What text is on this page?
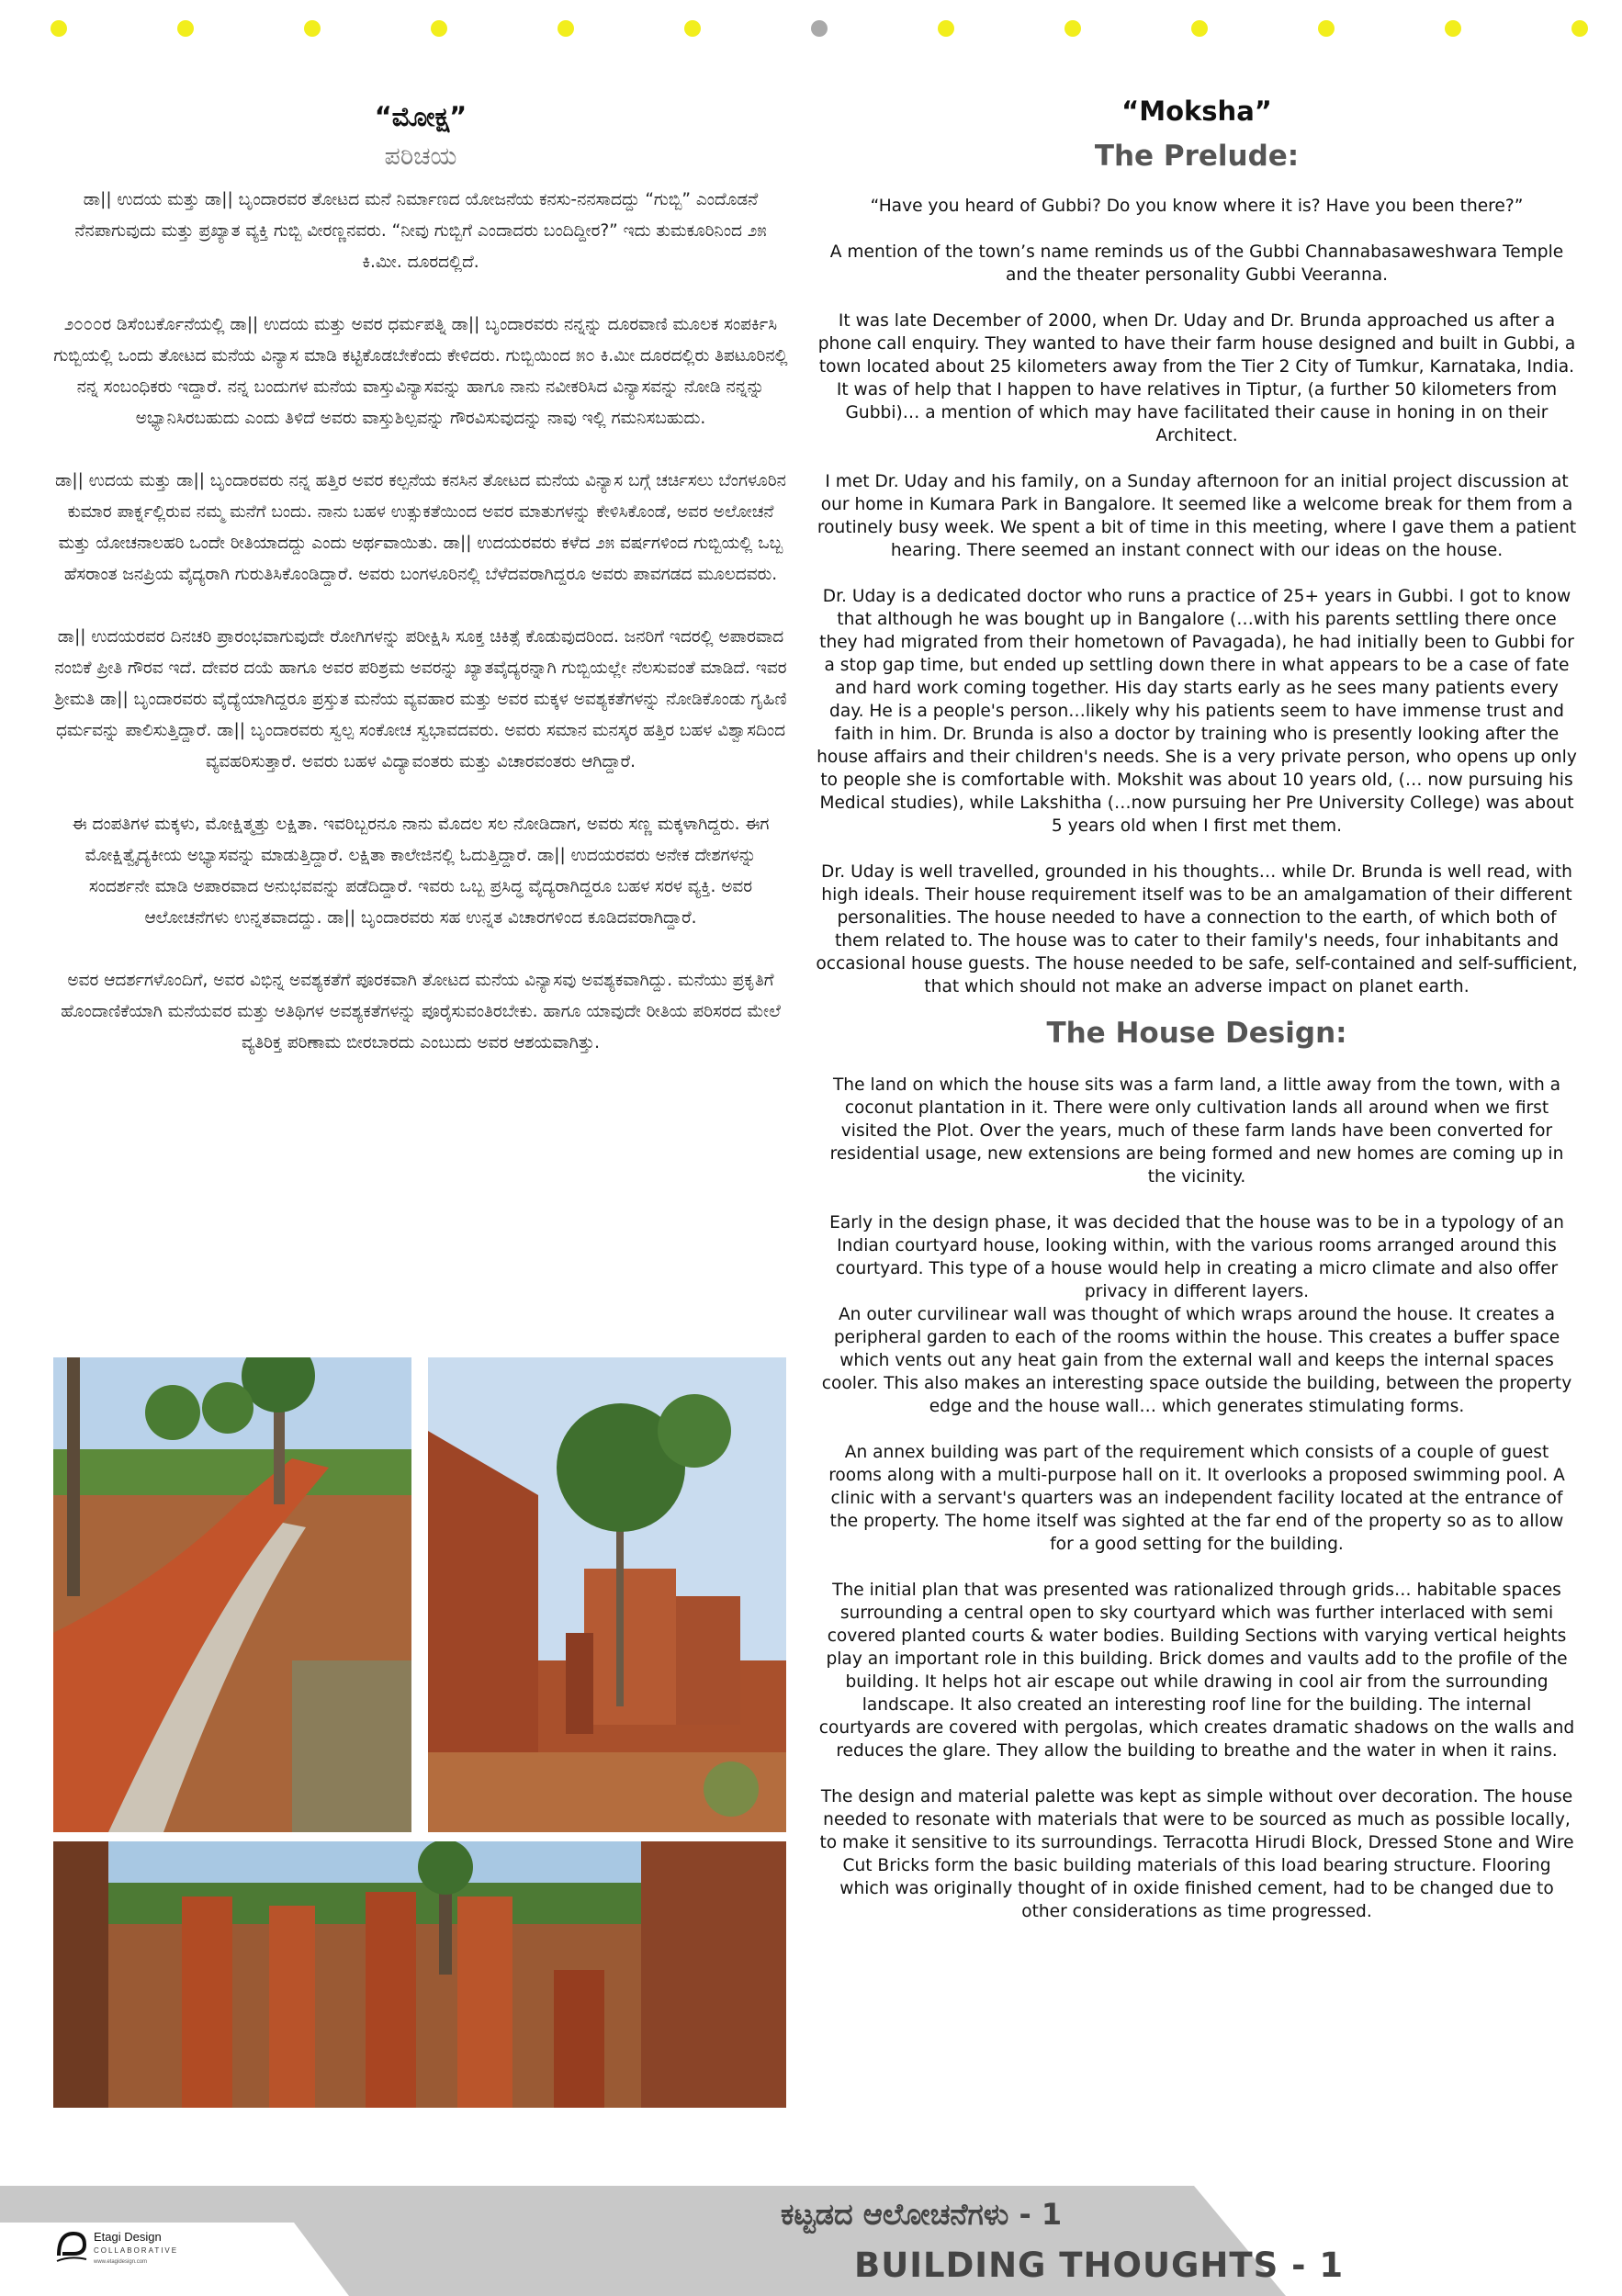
“ಮೋಕ್ಷ”
ಪರಿಚಯ

ಡಾ|| ಉದಯ ಮತ್ತು ಡಾ|| ಬೃಂದಾರವರ ತೋಟದ ಮನೆ ನಿರ್ಮಾಣದ ಯೋಜನೆಯ ಕನಸು-ನನಸಾದದ್ದು “ಗುಬ್ಬಿ” ಎಂದೊಡನೆ ನೆನಪಾಗುವುದು ಮತ್ತು ಪ್ರಖ್ಯಾತ ವ್ಯಕ್ತಿ ಗುಬ್ಬಿ ವೀರಣ್ಣನವರು. “ನೀವು ಗುಬ್ಬಿಗೆ ಎಂದಾದರು ಬಂದಿದ್ದೀರ?” ಇದು ತುಮಕೂರಿನಿಂದ ೨೫ ಕಿ.ಮೀ. ದೂರದಲ್ಲಿದೆ.

೨೦೦೦ರ ಡಿಸೆಂಬರ್ಕೊನೆಯಲ್ಲಿ ಡಾ|| ಉದಯ ಮತ್ತು ಅವರ ಧರ್ಮಪತ್ನಿ ಡಾ|| ಬೃಂದಾರವರು ನನ್ನನ್ನು ದೂರವಾಣಿ ಮೂಲಕ ಸಂಪರ್ಕಿಸಿ ಗುಬ್ಬಿಯಲ್ಲಿ ಒಂದು ತೋಟದ ಮನೆಯ ವಿನ್ಯಾಸ ಮಾಡಿ ಕಟ್ಟಿಕೊಡಬೇಕೆಂದು ಕೇಳಿದರು. ಗುಬ್ಬಿಯಿಂದ ೫೦ ಕಿ.ಮೀ ದೂರದಲ್ಲಿರು ತಿಪಟೂರಿನಲ್ಲಿ ನನ್ನ ಸಂಬಂಧಿಕರು ಇದ್ದಾರೆ. ನನ್ನ ಬಂದುಗಳ ಮನೆಯ ವಾಸ್ತುವಿನ್ಯಾಸವನ್ನು ಹಾಗೂ ನಾನು ನವೀಕರಿಸಿದ ವಿನ್ಯಾಸವನ್ನು ನೋಡಿ ನನ್ನನ್ನು ಅಭ್ಯಾನಿಸಿರಬಹುದು ಎಂದು ತಿಳಿದೆ ಅವರು ವಾಸ್ತುಶಿಲ್ಪವನ್ನು ಗೌರವಿಸುವುದನ್ನು ನಾವು ಇಲ್ಲಿ ಗಮನಿಸಬಹುದು.

ಡಾ|| ಉದಯ ಮತ್ತು ಡಾ|| ಬೃಂದಾರವರು ನನ್ನ ಹತ್ತಿರ ಅವರ ಕಲ್ಪನೆಯ ಕನಸಿನ ತೋಟದ ಮನೆಯ ವಿನ್ಯಾಸ ಬಗ್ಗೆ ಚರ್ಚಿಸಲು ಬೆಂಗಳೂರಿನ ಕುಮಾರ ಪಾರ್ಕ್ನಲ್ಲಿರುವ ನಮ್ಮ ಮನೆಗೆ ಬಂದು. ನಾನು ಬಹಳ ಉತ್ಸುಕತೆಯಿಂದ ಅವರ ಮಾತುಗಳನ್ನು ಕೇಳಿಸಿಕೊಂಡೆ, ಅವರ ಅಲೋಚನೆ ಮತ್ತು ಯೋಚನಾಲಹರಿ ಒಂದೇ ರೀತಿಯಾದದ್ದು ಎಂದು ಅರ್ಥವಾಯಿತು. ಡಾ|| ಉದಯರವರು ಕಳೆದ ೨೫ ವರ್ಷಗಳಿಂದ ಗುಬ್ಬಿಯಲ್ಲಿ ಒಬ್ಬ ಹೆಸರಾಂತ ಜನಪ್ರಿಯ ವೈದ್ಯರಾಗಿ ಗುರುತಿಸಿಕೊಂಡಿದ್ದಾರೆ. ಅವರು ಬಂಗಳೂರಿನಲ್ಲಿ ಬೆಳೆದವರಾಗಿದ್ದರೂ ಅವರು ಪಾವಗಡದ ಮೂಲದವರು.

ಡಾ|| ಉದಯರವರ ದಿನಚರಿ ಪ್ರಾರಂಭವಾಗುವುದೇ ರೋಗಿಗಳನ್ನು ಪರೀಕ್ಷಿಸಿ ಸೂಕ್ತ ಚಿಕಿತ್ಸೆ ಕೊಡುವುದರಿಂದ. ಜನರಿಗೆ ಇದರಲ್ಲಿ ಅಪಾರವಾದ ನಂಬಿಕೆ ಪ್ರೀತಿ ಗೌರವ ಇದೆ. ದೇವರ ದಯೆ ಹಾಗೂ ಅವರ ಪರಿಶ್ರಮ ಅವರನ್ನು ಖ್ಯಾತವೈದ್ಯರನ್ನಾಗಿ ಗುಬ್ಬಿಯಲ್ಲೇ ನೆಲಸುವಂತೆ ಮಾಡಿದೆ. ಇವರ ಶ್ರೀಮತಿ ಡಾ|| ಬೃಂದಾರವರು ವೈದ್ಯೆಯಾಗಿದ್ದರೂ ಪ್ರಸ್ತುತ ಮನೆಯ ವ್ಯವಹಾರ ಮತ್ತು ಅವರ ಮಕ್ಕಳ ಅವಶ್ಯಕತೆಗಳನ್ನು ನೋಡಿಕೊಂಡು ಗೃಹಿಣಿ ಧರ್ಮವನ್ನು ಪಾಲಿಸುತ್ತಿದ್ದಾರೆ. ಡಾ|| ಬೃಂದಾರವರು ಸ್ವಲ್ಪ ಸಂಕೋಚ ಸ್ವಭಾವದವರು. ಅವರು ಸಮಾನ ಮನಸ್ಕರ ಹತ್ತಿರ ಬಹಳ ವಿಶ್ವಾಸದಿಂದ ವ್ಯವಹರಿಸುತ್ತಾರೆ. ಅವರು ಬಹಳ ವಿದ್ಯಾವಂತರು ಮತ್ತು ವಿಚಾರವಂತರು ಆಗಿದ್ದಾರೆ.

ಈ ದಂಪತಿಗಳ ಮಕ್ಕಳು, ಮೋಕ್ಷಿತ್ಮತ್ತು ಲಕ್ಷಿತಾ. ಇವರಿಬ್ಬರನೂ ನಾನು ಮೊದಲ ಸಲ ನೋಡಿದಾಗ, ಅವರು ಸಣ್ಣ ಮಕ್ಕಳಾಗಿದ್ದರು. ಈಗ ಮೋಕ್ಷಿತ್ವೈದ್ಯಕೀಯ ಅಭ್ಯಾಸವನ್ನು ಮಾಡುತ್ತಿದ್ದಾರೆ. ಲಕ್ಷಿತಾ ಕಾಲೇಜಿನಲ್ಲಿ ಓದುತ್ತಿದ್ದಾರೆ. ಡಾ|| ಉದಯರವರು ಅನೇಕ ದೇಶಗಳನ್ನು ಸಂದರ್ಶನೇ ಮಾಡಿ ಅಪಾರವಾದ ಅನುಭವವನ್ನು ಪಡೆದಿದ್ದಾರೆ. ಇವರು ಒಬ್ಬ ಪ್ರಸಿದ್ಧ ವೈದ್ಯರಾಗಿದ್ದರೂ ಬಹಳ ಸರಳ ವ್ಯಕ್ತಿ. ಅವರ ಆಲೋಚನೆಗಳು ಉನ್ನತವಾದದ್ದು. ಡಾ|| ಬೃಂದಾರವರು ಸಹ ಉನ್ನತ ವಿಚಾರಗಳಿಂದ ಕೂಡಿದವರಾಗಿದ್ದಾರೆ.

ಅವರ ಆದರ್ಶಗಳೊಂದಿಗೆ, ಅವರ ವಿಭಿನ್ನ ಅವಶ್ಯಕತೆಗೆ ಪೂರಕವಾಗಿ ತೋಟದ ಮನೆಯ ವಿನ್ಯಾಸವು ಅವಶ್ಯಕವಾಗಿದ್ದು. ಮನೆಯು ಪ್ರಕೃತಿಗೆ ಹೊಂದಾಣಿಕೆಯಾಗಿ ಮನೆಯವರ ಮತ್ತು ಅತಿಥಿಗಳ ಅವಶ್ಯಕತೆಗಳನ್ನು ಪೂರೈಸುವಂತಿರಬೇಕು. ಹಾಗೂ ಯಾವುದೇ ರೀತಿಯ ಪರಿಸರದ ಮೇಲೆ ವ್ಯತಿರಿಕ್ತ ಪರಿಣಾಮ ಬೀರಬಾರದು ಎಂಬುದು ಅವರ ಆಶಯವಾಗಿತ್ತು.

“Moksha”
The Prelude:

“Have you heard of Gubbi? Do you know where it is? Have you been there?”

A mention of the town’s name reminds us of the Gubbi Channabasaweshwara Temple and the theater personality Gubbi Veeranna.

It was late December of 2000, when Dr. Uday and Dr. Brunda approached us after a phone call enquiry. They wanted to have their farm house designed and built in Gubbi, a town located about 25 kilometers away from the Tier 2 City of Tumkur, Karnataka, India. It was of help that I happen to have relatives in Tiptur, (a further 50 kilometers from Gubbi)… a mention of which may have facilitated their cause in honing in on their Architect.

I met Dr. Uday and his family, on a Sunday afternoon for an initial project discussion at our home in Kumara Park in Bangalore. It seemed like a welcome break for them from a routinely busy week. We spent a bit of time in this meeting, where I gave them a patient hearing. There seemed an instant connect with our ideas on the house.

Dr. Uday is a dedicated doctor who runs a practice of 25+ years in Gubbi. I got to know that although he was bought up in Bangalore (…with his parents settling there once they had migrated from their hometown of Pavagada), he had initially been to Gubbi for a stop gap time, but ended up settling down there in what appears to be a case of fate and hard work coming together. His day starts early as he sees many patients every day. He is a people's person…likely why his patients seem to have immense trust and faith in him. Dr. Brunda is also a doctor by training who is presently looking after the house affairs and their children's needs. She is a very private person, who opens up only to people she is comfortable with. Mokshit was about 10 years old, (… now pursuing his Medical studies), while Lakshitha (…now pursuing her Pre University College) was about 5 years old when I first met them.

Dr. Uday is well travelled, grounded in his thoughts… while Dr. Brunda is well read, with high ideals. Their house requirement itself was to be an amalgamation of their different personalities. The house needed to have a connection to the earth, of which both of them related to. The house was to cater to their family's needs, four inhabitants and occasional house guests. The house needed to be safe, self-contained and self-sufficient, that which should not make an adverse impact on planet earth.

The House Design:

The land on which the house sits was a farm land, a little away from the town, with a coconut plantation in it. There were only cultivation lands all around when we first visited the Plot. Over the years, much of these farm lands have been converted for residential usage, new extensions are being formed and new homes are coming up in the vicinity.

Early in the design phase, it was decided that the house was to be in a typology of an Indian courtyard house, looking within, with the various rooms arranged around this courtyard. This type of a house would help in creating a micro climate and also offer privacy in different layers.

An outer curvilinear wall was thought of which wraps around the house. It creates a peripheral garden to each of the rooms within the house. This creates a buffer space which vents out any heat gain from the external wall and keeps the internal spaces cooler. This also makes an interesting space outside the building, between the property edge and the house wall… which generates stimulating forms.

An annex building was part of the requirement which consists of a couple of guest rooms along with a multi-purpose hall on it. It overlooks a proposed swimming pool. A clinic with a servant's quarters was an independent facility located at the entrance of the property. The home itself was sighted at the far end of the property so as to allow for a good setting for the building.

The initial plan that was presented was rationalized through grids… habitable spaces surrounding a central open to sky courtyard which was further interlaced with semi covered planted courts & water bodies. Building Sections with varying vertical heights play an important role in this building. Brick domes and vaults add to the profile of the building. It helps hot air escape out while drawing in cool air from the surrounding landscape. It also created an interesting roof line for the building. The internal courtyards are covered with pergolas, which creates dramatic shadows on the walls and reduces the glare. They allow the building to breathe and the water in when it rains.

The design and material palette was kept as simple without over decoration. The house needed to resonate with materials that were to be sourced as much as possible locally, to make it sensitive to its surroundings. Terracotta Hirudi Block, Dressed Stone and Wire Cut Bricks form the basic building materials of this load bearing structure. Flooring which was originally thought of in oxide finished cement, had to be changed due to other considerations as time progressed.

Etagi Design
COLLABORATIVE
www.etagidesign.com
ಕಟ್ಟಡದ ಆಲೋಚನೆಗಳು - 1
BUILDING THOUGHTS - 1
